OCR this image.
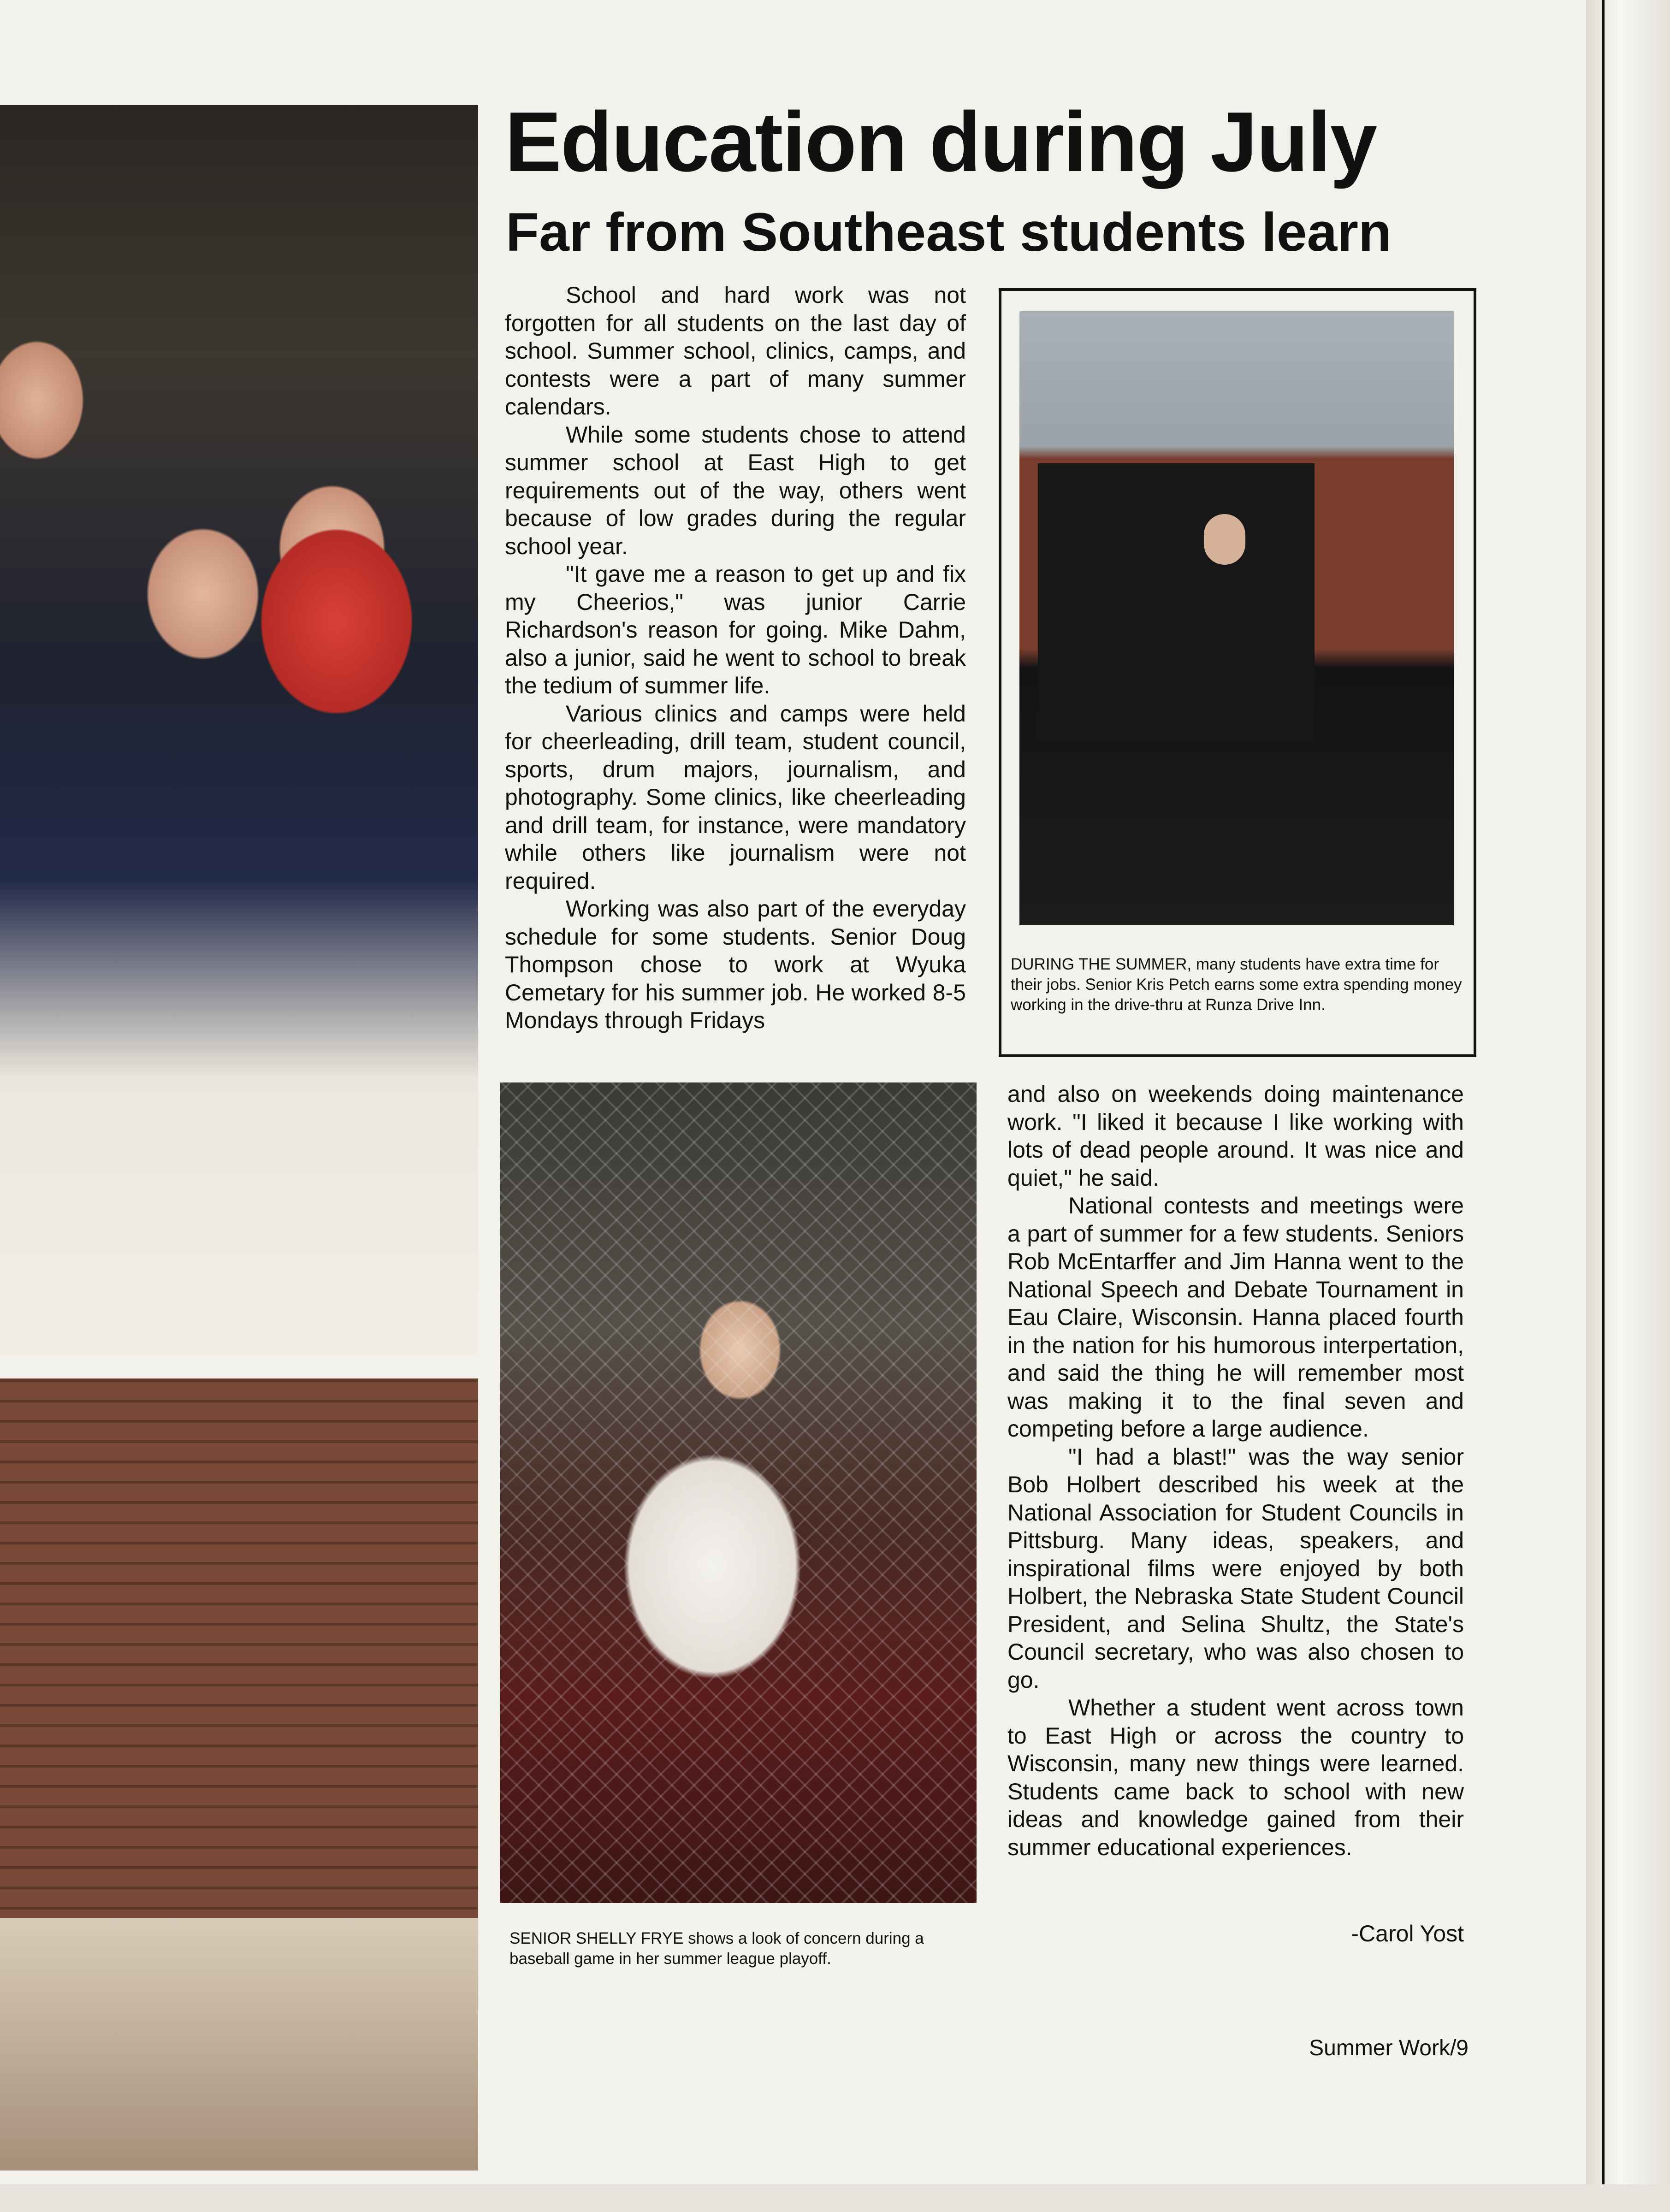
Education during July
Far from Southeast students learn

School and hard work was not forgotten for all students on the last day of school. Summer school, clinics, camps, and contests were a part of many summer calendars.

While some students chose to attend summer school at East High to get requirements out of the way, others went because of low grades during the regular school year.

"It gave me a reason to get up and fix my Cheerios," was junior Carrie Richardson's reason for going. Mike Dahm, also a junior, said he went to school to break the tedium of summer life.

Various clinics and camps were held for cheerleading, drill team, student council, sports, drum majors, journalism, and photography. Some clinics, like cheerleading and drill team, for instance, were mandatory while others like journalism were not required.

Working was also part of the everyday schedule for some students. Senior Doug Thompson chose to work at Wyuka Cemetary for his summer job. He worked 8-5 Mondays through Fridays

DURING THE SUMMER, many students have extra time for their jobs. Senior Kris Petch earns some extra spending money working in the drive-thru at Runza Drive Inn.

and also on weekends doing maintenance work. "I liked it because I like working with lots of dead people around. It was nice and quiet," he said.

National contests and meetings were a part of summer for a few students. Seniors Rob McEntarffer and Jim Hanna went to the National Speech and Debate Tournament in Eau Claire, Wisconsin. Hanna placed fourth in the nation for his humorous interpertation, and said the thing he will remember most was making it to the final seven and competing before a large audience.

"I had a blast!" was the way senior Bob Holbert described his week at the National Association for Student Councils in Pittsburg. Many ideas, speakers, and inspirational films were enjoyed by both Holbert, the Nebraska State Student Council President, and Selina Shultz, the State's Council secretary, who was also chosen to go.

Whether a student went across town to East High or across the country to Wisconsin, many new things were learned. Students came back to school with new ideas and knowledge gained from their summer educational experiences.

-Carol Yost
SENIOR SHELLY FRYE shows a look of concern during a baseball game in her summer league playoff.
Summer Work/9
